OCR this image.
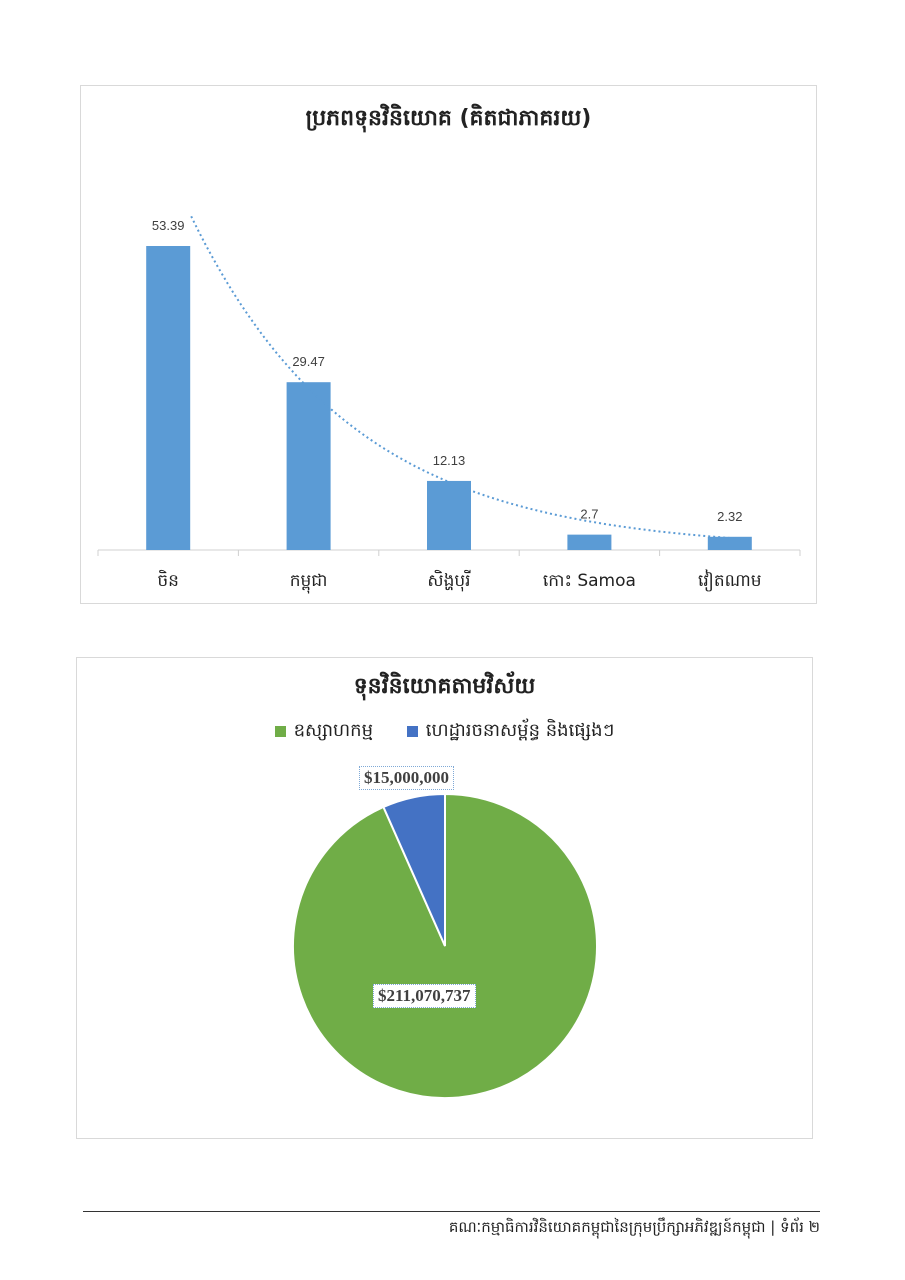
ប្រភពទុនវិនិយោគ (គិតជាភាគរយ)
53.39
ចិន
29.47
កម្ពុជា
12.13
សិង្ហបុរី
2.7
កោះ Samoa
2.32
វៀតណាម
ទុនវិនិយោគតាមវិស័យ
ឧស្សាហកម្ម	ហេដ្ឋារចនាសម្ព័ន្ធ និងផ្សេងៗ
$15,000,000
$211,070,737
គណៈកម្មាធិការវិនិយោគកម្ពុជានៃក្រុមប្រឹក្សាអភិវឌ្ឍន៍កម្ពុជា | ទំព័រ ២
